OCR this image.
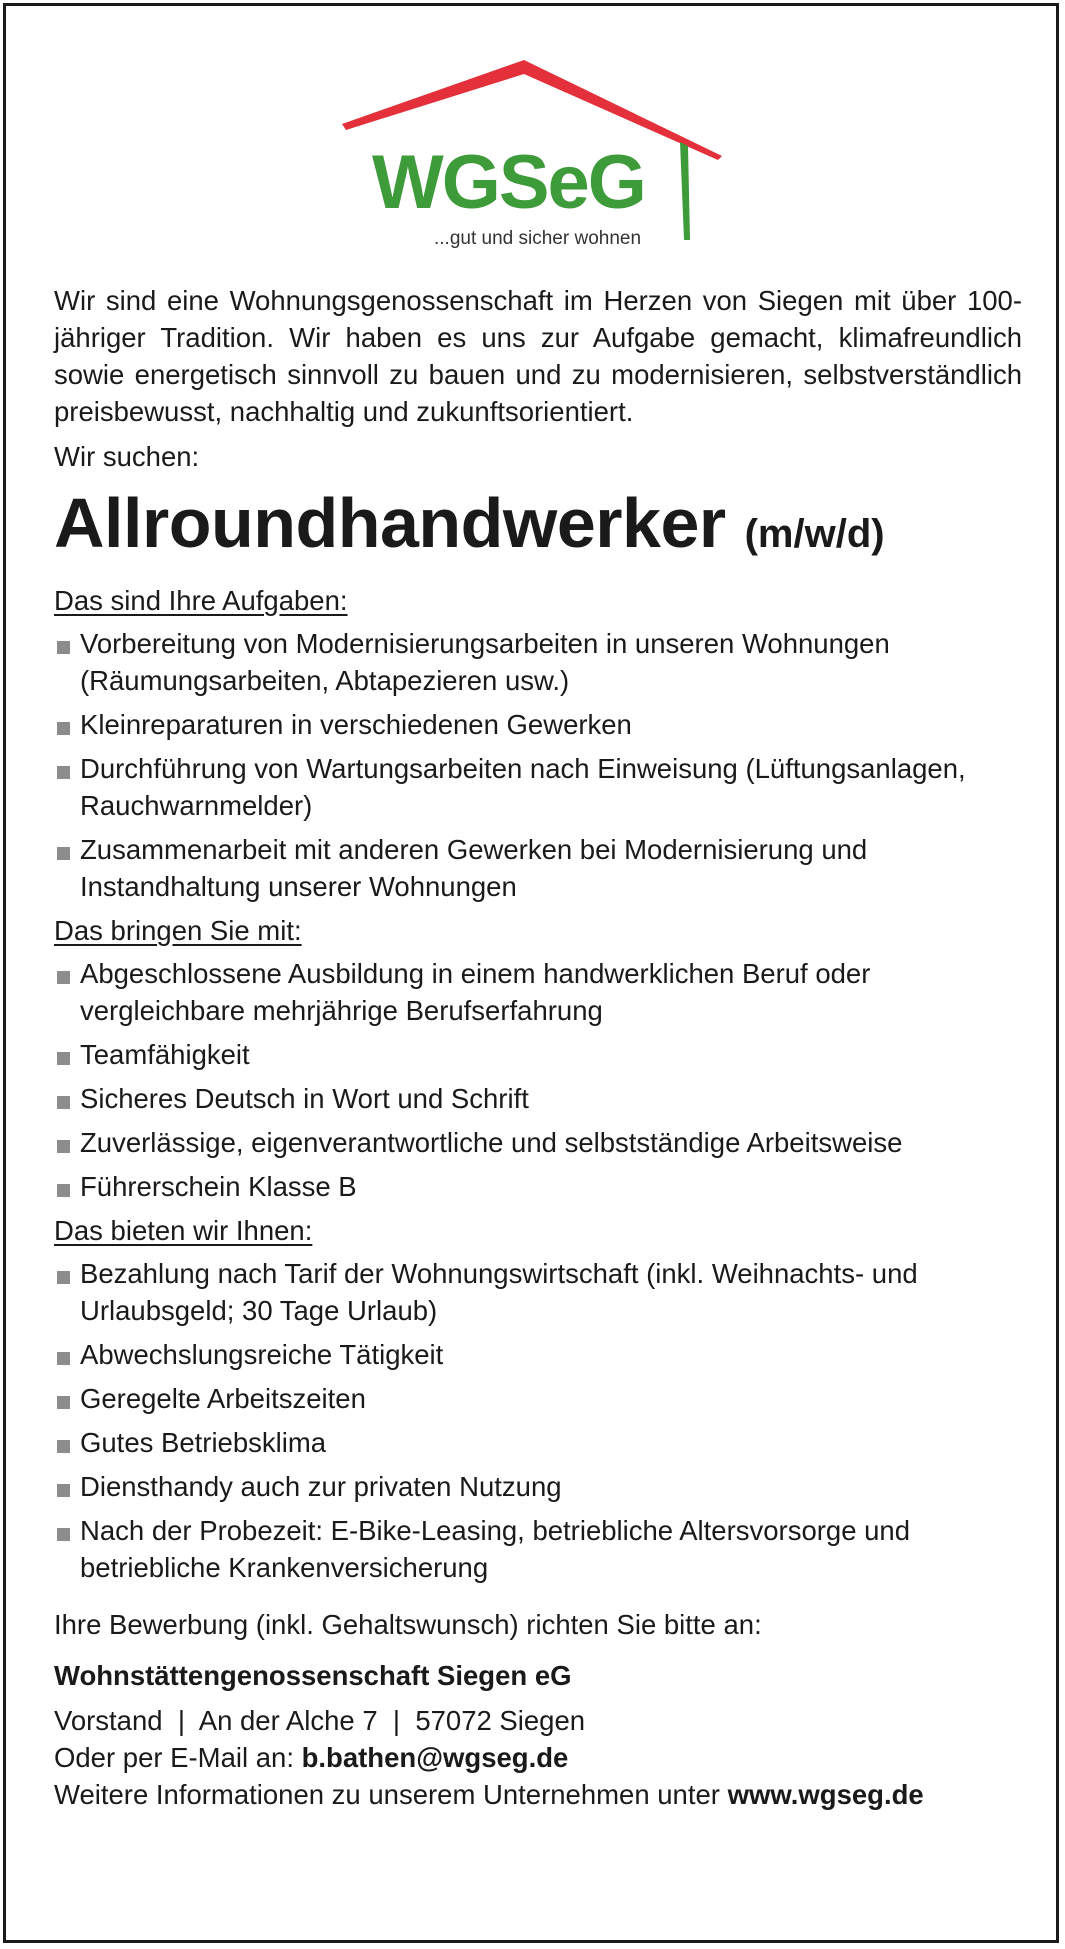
WGSeG
...gut und sicher wohnen

Wir sind eine Wohnungsgenossenschaft im Herzen von Siegen mit über 100-jähriger Tradition. Wir haben es uns zur Aufgabe gemacht, klimafreundlich sowie energetisch sinnvoll zu bauen und zu modernisieren, selbstverständlich preisbewusst, nachhaltig und zukunftsorientiert.

Wir suchen:

Allroundhandwerker (m/w/d)
Das sind Ihre Aufgaben:
Vorbereitung von Modernisierungsarbeiten in unseren Wohnungen (Räumungsarbeiten, Abtapezieren usw.)
Kleinreparaturen in verschiedenen Gewerken
Durchführung von Wartungsarbeiten nach Einweisung (Lüftungsanlagen, Rauchwarnmelder)
Zusammenarbeit mit anderen Gewerken bei Modernisierung und Instandhaltung unserer Wohnungen
Das bringen Sie mit:
Abgeschlossene Ausbildung in einem handwerklichen Beruf oder vergleichbare mehrjährige Berufserfahrung
Teamfähigkeit
Sicheres Deutsch in Wort und Schrift
Zuverlässige, eigenverantwortliche und selbstständige Arbeitsweise
Führerschein Klasse B
Das bieten wir Ihnen:
Bezahlung nach Tarif der Wohnungswirtschaft (inkl. Weihnachts- und Urlaubsgeld; 30 Tage Urlaub)
Abwechslungsreiche Tätigkeit
Geregelte Arbeitszeiten
Gutes Betriebsklima
Diensthandy auch zur privaten Nutzung
Nach der Probezeit: E-Bike-Leasing, betriebliche Altersvorsorge und betriebliche Krankenversicherung

Ihre Bewerbung (inkl. Gehaltswunsch) richten Sie bitte an:

Wohnstättengenossenschaft Siegen eG

Vorstand  |  An der Alche 7  |  57072 Siegen

Oder per E-Mail an: b.bathen@wgseg.de

Weitere Informationen zu unserem Unternehmen unter www.wgseg.de
